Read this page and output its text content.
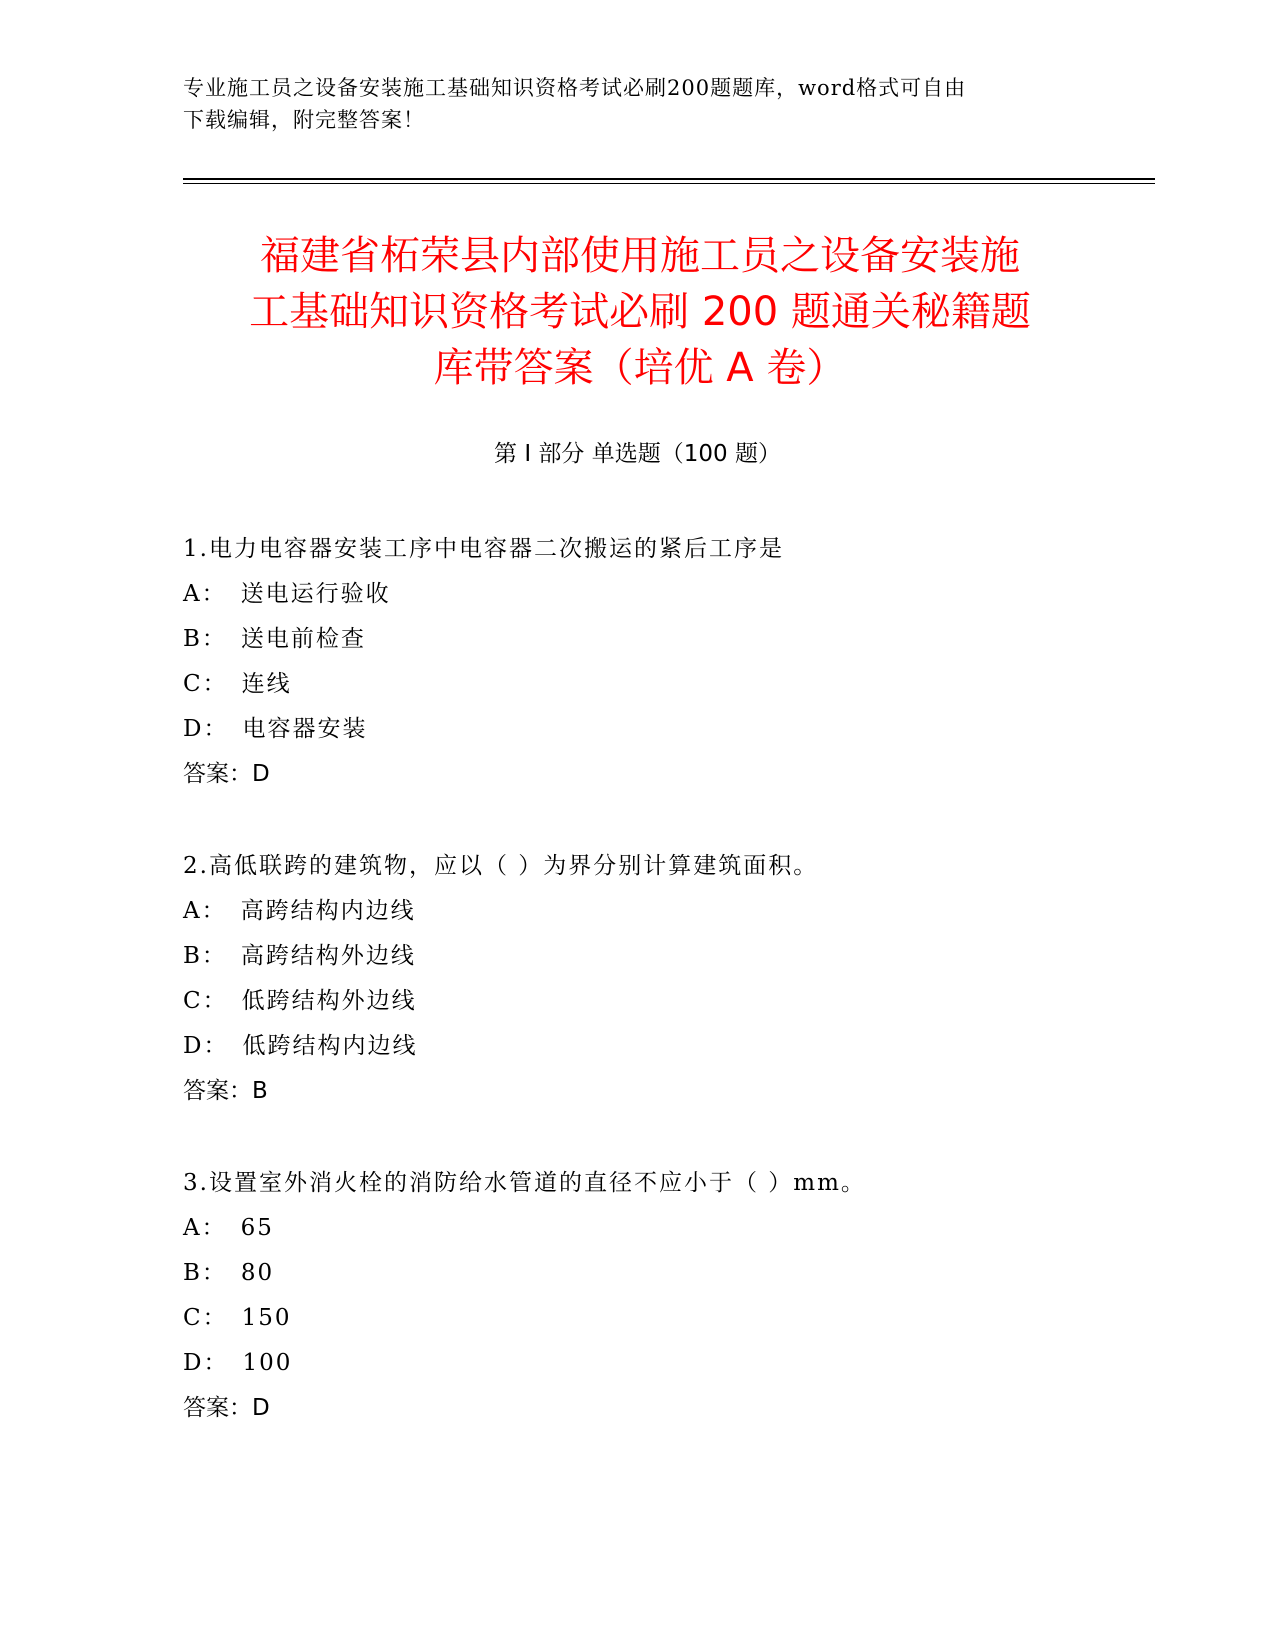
专业施工员之设备安装施工基础知识资格考试必刷200题题库，word格式可自由
下载编辑，附完整答案！
福建省柘荣县内部使用施工员之设备安装施
工基础知识资格考试必刷 200 题通关秘籍题
库带答案（培优 A 卷）
第 I 部分 单选题（100 题）
1.电力电容器安装工序中电容器二次搬运的紧后工序是
A： 送电运行验收
B： 送电前检查
C： 连线
D： 电容器安装
答案：D
2.高低联跨的建筑物，应以（ ）为界分别计算建筑面积。
A： 高跨结构内边线
B： 高跨结构外边线
C： 低跨结构外边线
D： 低跨结构内边线
答案：B
3.设置室外消火栓的消防给水管道的直径不应小于（ ）mm。
A： 65
B： 80
C： 150
D： 100
答案：D
